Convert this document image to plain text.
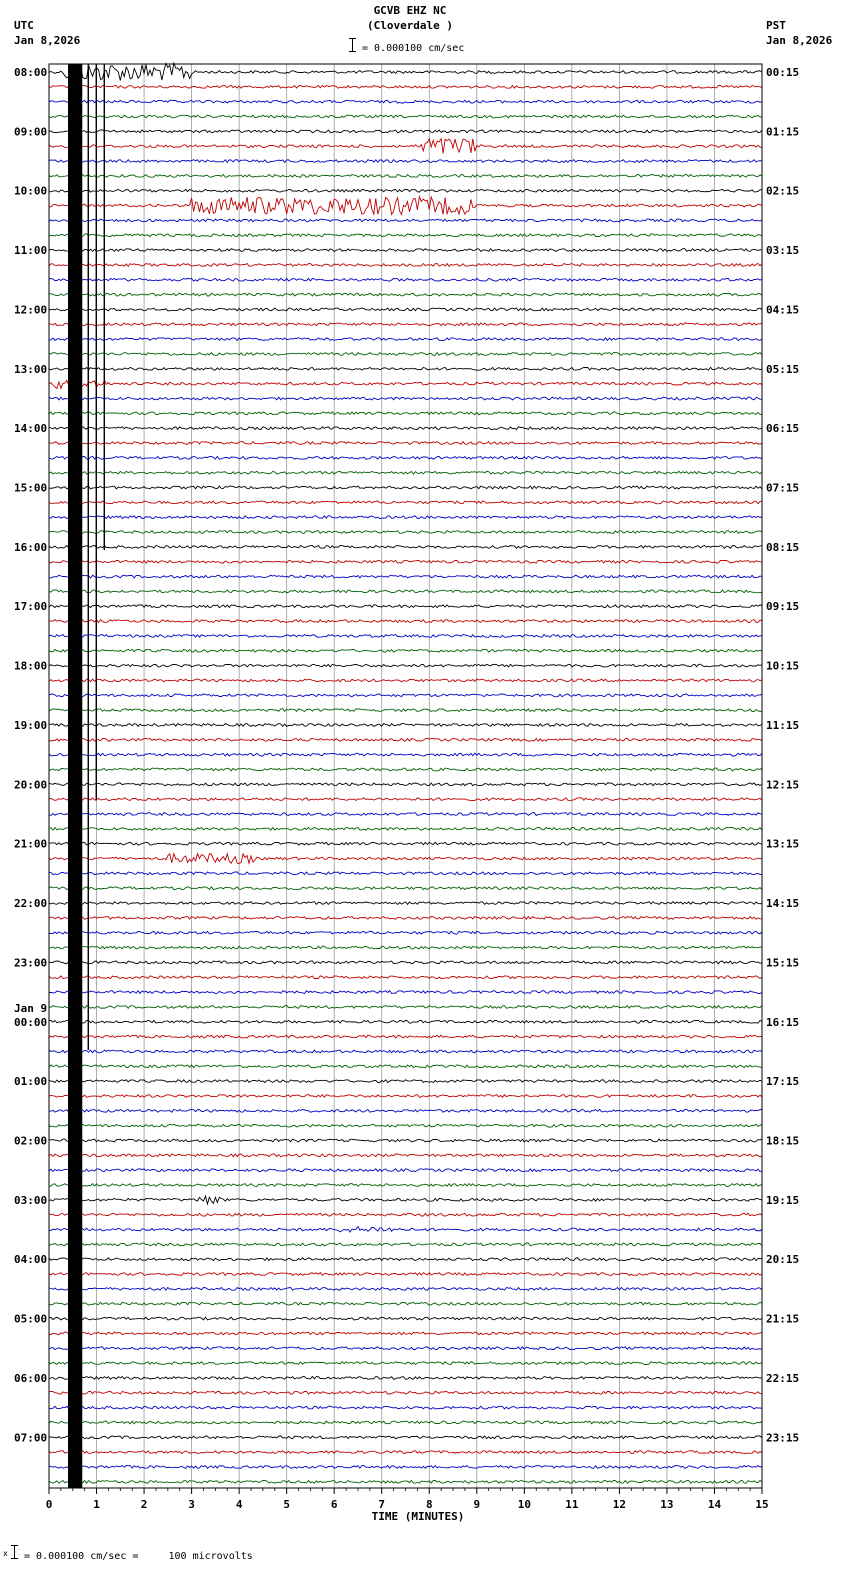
GCVB EHZ NC
(Cloverdale )
UTC
Jan 8,2026
PST
Jan 8,2026
= 0.000100 cm/sec
0	1	2	3	4	5	6	7	8	9	10	11	12	13	14	15
08:00
09:00
10:00
11:00
12:00
13:00
14:00
15:00
16:00
17:00
18:00
19:00
20:00
21:00
22:00
23:00
00:00
Jan 9
01:00
02:00
03:00
04:00
05:00
06:00
07:00
00:15
01:15
02:15
03:15
04:15
05:15
06:15
07:15
08:15
09:15
10:15
11:15
12:15
13:15
14:15
15:15
16:15
17:15
18:15
19:15
20:15
21:15
22:15
23:15
TIME (MINUTES)
x = 0.000100 cm/sec =     100 microvolts
